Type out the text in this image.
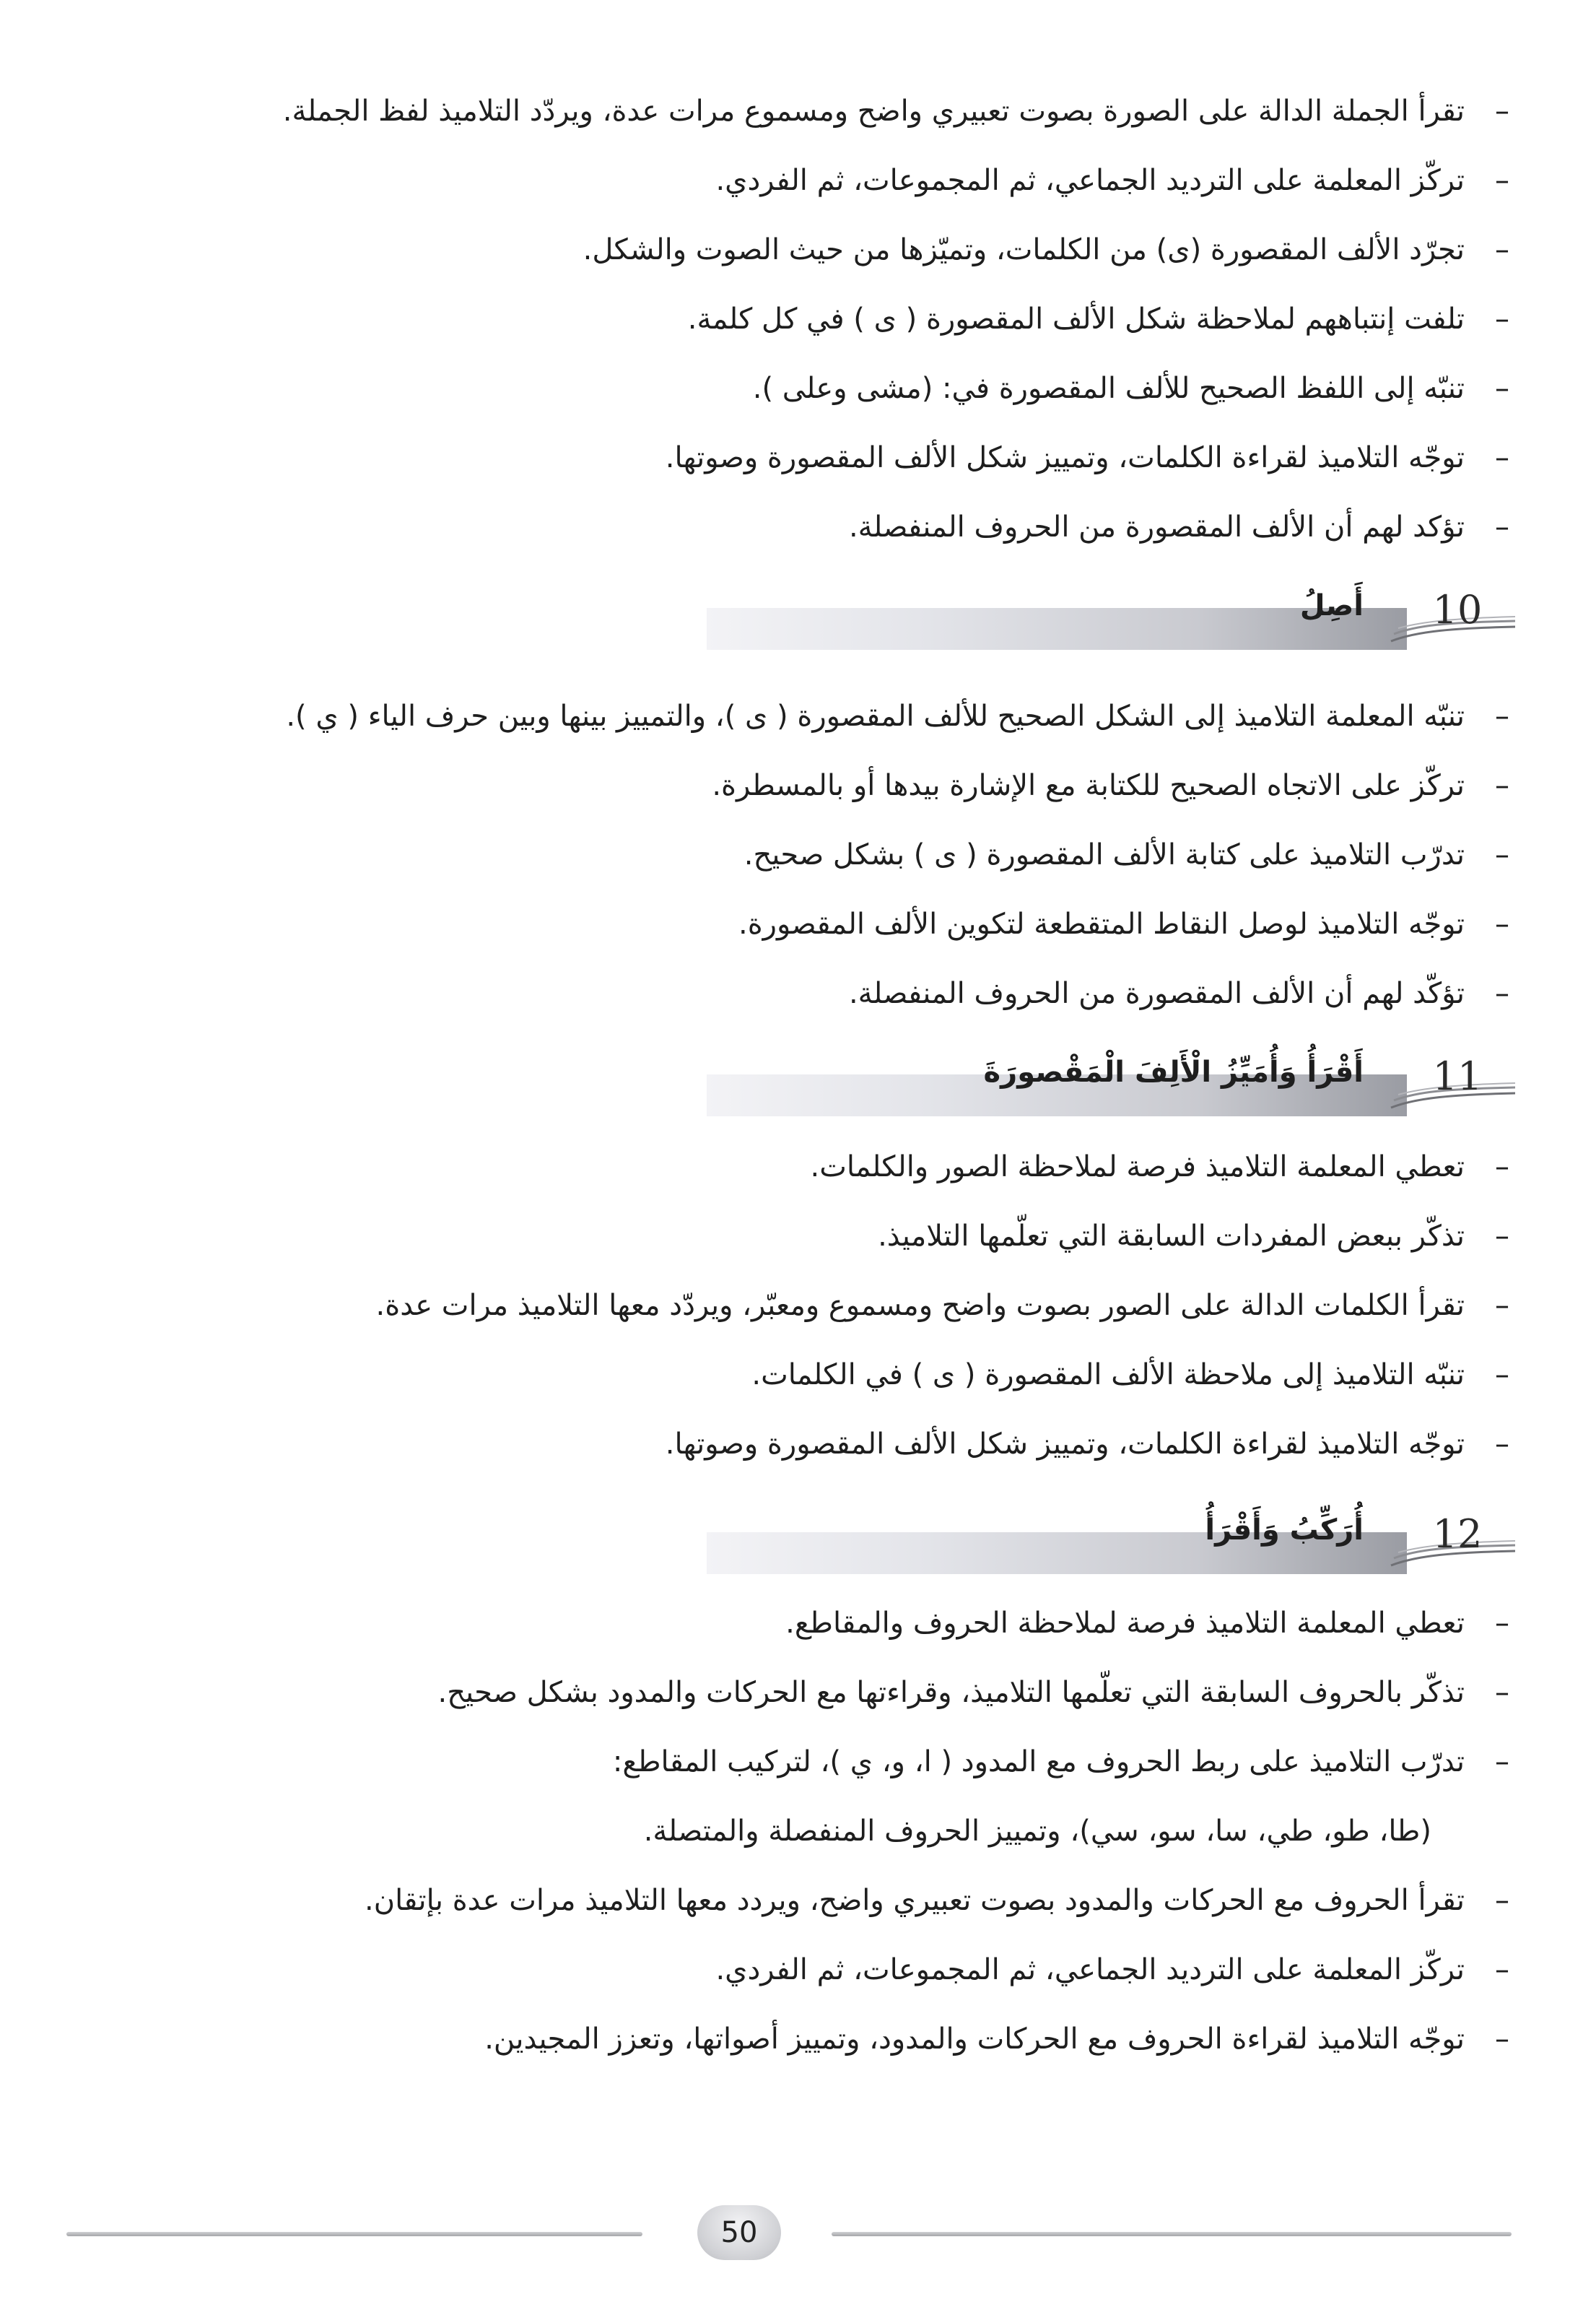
–
تقرأ الجملة الدالة على الصورة بصوت تعبيري واضح ومسموع مرات عدة، ويردّد التلاميذ لفظ الجملة.
–
تركّز المعلمة على الترديد الجماعي، ثم المجموعات، ثم الفردي.
–
تجرّد الألف المقصورة (ى) من الكلمات، وتميّزها من حيث الصوت والشكل.
–
تلفت إنتباههم لملاحظة شكل الألف المقصورة ( ى ) في كل كلمة.
–
تنبّه إلى اللفظ الصحيح للألف المقصورة في: (مشى وعلى ).
–
توجّه التلاميذ لقراءة الكلمات، وتمييز شكل الألف المقصورة وصوتها.
–
تؤكد لهم أن الألف المقصورة من الحروف المنفصلة.
10
أَصِلُ
–
تنبّه المعلمة التلاميذ إلى الشكل الصحيح للألف المقصورة ( ى )، والتمييز بينها وبين حرف الياء ( ي ).
–
تركّز على الاتجاه الصحيح للكتابة مع الإشارة بيدها أو بالمسطرة.
–
تدرّب التلاميذ على كتابة الألف المقصورة ( ى ) بشكل صحيح.
–
توجّه التلاميذ لوصل النقاط المتقطعة لتكوين الألف المقصورة.
–
تؤكّد لهم أن الألف المقصورة من الحروف المنفصلة.
11
أَقْرَأُ وَأُمَيِّزُ الْأَلِفَ الْمَقْصورَةَ
–
تعطي المعلمة التلاميذ فرصة لملاحظة الصور والكلمات.
–
تذكّر ببعض المفردات السابقة التي تعلّمها التلاميذ.
–
تقرأ الكلمات الدالة على الصور بصوت واضح ومسموع ومعبّر، ويردّد معها التلاميذ مرات عدة.
–
تنبّه التلاميذ إلى ملاحظة الألف المقصورة ( ى ) في الكلمات.
–
توجّه التلاميذ لقراءة الكلمات، وتمييز شكل الألف المقصورة وصوتها.
12
أُرَكِّبُ وَأَقْرَأُ
–
تعطي المعلمة التلاميذ فرصة لملاحظة الحروف والمقاطع.
–
تذكّر بالحروف السابقة التي تعلّمها التلاميذ، وقراءتها مع الحركات والمدود بشكل صحيح.
–
تدرّب التلاميذ على ربط الحروف مع المدود ( ا، و، ي )، لتركيب المقاطع:
(طا، طو، طي، سا، سو، سي)، وتمييز الحروف المنفصلة والمتصلة.
–
تقرأ الحروف مع الحركات والمدود بصوت تعبيري واضح، ويردد معها التلاميذ مرات عدة بإتقان.
–
تركّز المعلمة على الترديد الجماعي، ثم المجموعات، ثم الفردي.
–
توجّه التلاميذ لقراءة الحروف مع الحركات والمدود، وتمييز أصواتها، وتعزز المجيدين.
50
